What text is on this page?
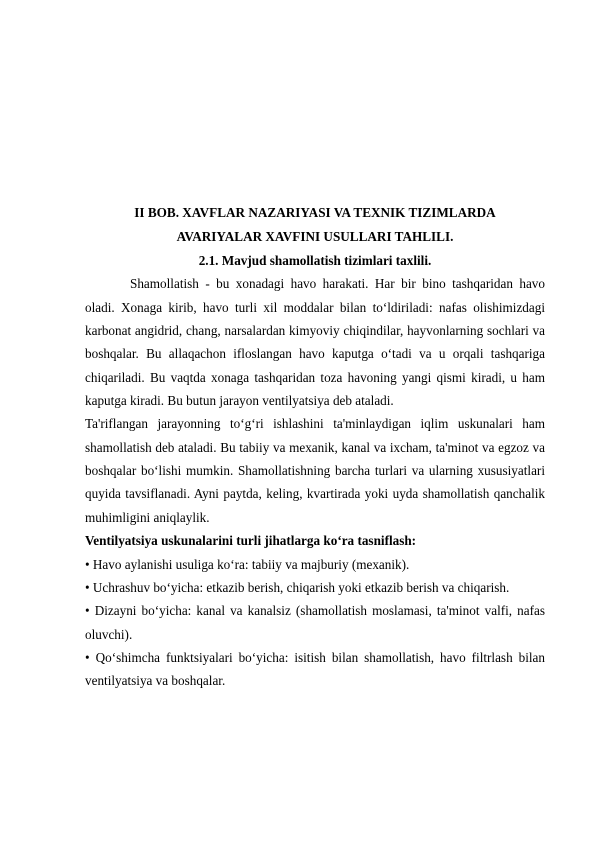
II BOB. XAVFLAR NAZARIYASI VA TEXNIK TIZIMLARDA
AVARIYALAR XAVFINI USULLARI TAHLILI.
2.1. Mavjud shamollatish tizimlari taxlili.

Shamollatish - bu xonadagi havo harakati. Har bir bino tashqaridan havo oladi. Xonaga kirib, havo turli xil moddalar bilan to‘ldiriladi: nafas olishimizdagi karbonat angidrid, chang, narsalardan kimyoviy chiqindilar, hayvonlarning sochlari va boshqalar. Bu allaqachon ifloslangan havo kaputga o‘tadi va u orqali tashqariga chiqariladi. Bu vaqtda xonaga tashqaridan toza havoning yangi qismi kiradi, u ham kaputga kiradi. Bu butun jarayon ventilyatsiya deb ataladi.

Ta'riflangan jarayonning to‘g‘ri ishlashini ta'minlaydigan iqlim uskunalari ham shamollatish deb ataladi. Bu tabiiy va mexanik, kanal va ixcham, ta'minot va egzoz va boshqalar bo‘lishi mumkin. Shamollatishning barcha turlari va ularning xususiyatlari quyida tavsiflanadi. Ayni paytda, keling, kvartirada yoki uyda shamollatish qanchalik muhimligini aniqlaylik.

Ventilyatsiya uskunalarini turli jihatlarga ko‘ra tasniflash:

• Havo aylanishi usuliga ko‘ra: tabiiy va majburiy (mexanik).

• Uchrashuv bo‘yicha: etkazib berish, chiqarish yoki etkazib berish va chiqarish.

• Dizayni bo‘yicha: kanal va kanalsiz (shamollatish moslamasi, ta'minot valfi, nafas oluvchi).

• Qo‘shimcha funktsiyalari bo‘yicha: isitish bilan shamollatish, havo filtrlash bilan ventilyatsiya va boshqalar.
